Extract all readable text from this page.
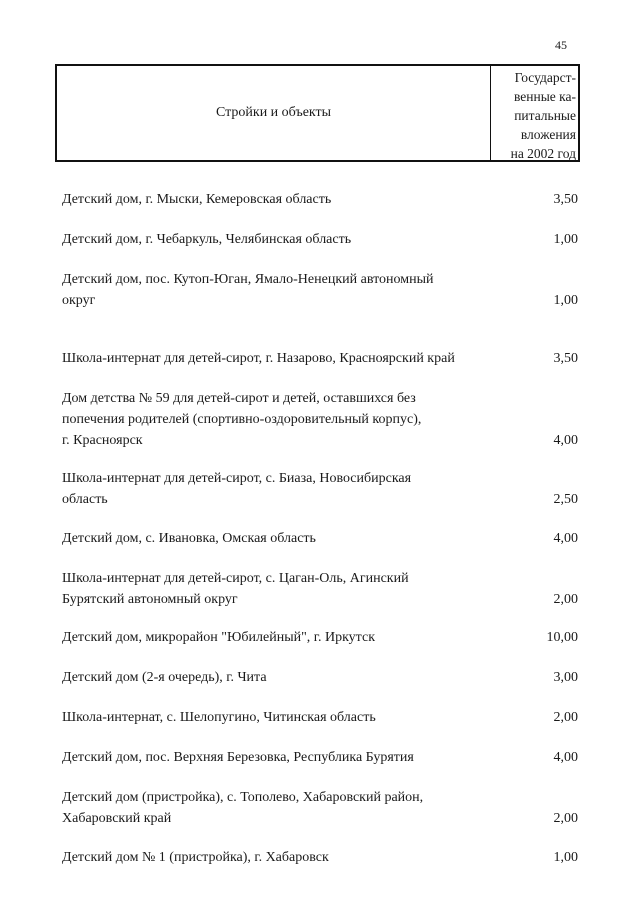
45
Стройки и объекты
Государст-
венные ка-
питальные
вложения
на 2002 год
Детский дом, г. Мыски, Кемеровская область	3,50
Детский дом, г. Чебаркуль, Челябинская область	1,00
Детский дом, пос. Кутоп-Юган, Ямало-Ненецкий автономный
округ	1,00
Школа-интернат для детей-сирот, г. Назарово, Красноярский край	3,50
Дом детства № 59 для детей-сирот и детей, оставшихся без
попечения родителей (спортивно-оздоровительный корпус),
г. Красноярск	4,00
Школа-интернат для детей-сирот, с. Биаза, Новосибирская
область	2,50
Детский дом, с. Ивановка, Омская область	4,00
Школа-интернат для детей-сирот, с. Цаган-Оль, Агинский
Бурятский автономный округ	2,00
Детский дом, микрорайон "Юбилейный", г. Иркутск	10,00
Детский дом (2-я очередь), г. Чита	3,00
Школа-интернат, с. Шелопугино, Читинская область	2,00
Детский дом, пос. Верхняя Березовка, Республика Бурятия	4,00
Детский дом (пристройка), с. Тополево, Хабаровский район,
Хабаровский край	2,00
Детский дом № 1 (пристройка), г. Хабаровск	1,00
